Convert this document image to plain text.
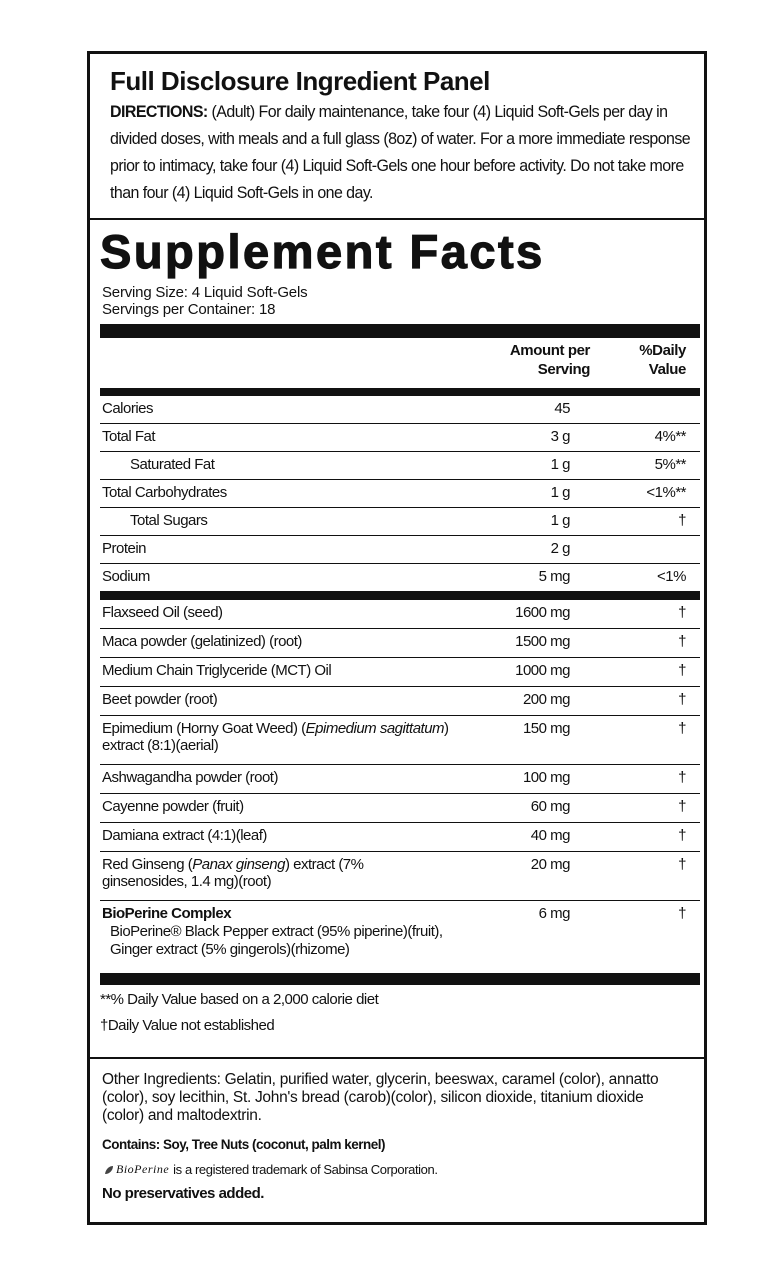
Full Disclosure Ingredient Panel

DIRECTIONS: (Adult) For daily maintenance, take four (4) Liquid Soft-Gels per day in divided doses, with meals and a full glass (8oz) of water. For a more immediate response prior to intimacy, take four (4) Liquid Soft-Gels one hour before activity. Do not take more than four (4) Liquid Soft-Gels in one day.

Supplement Facts

Serving Size: 4 Liquid Soft-Gels
Servings per Container: 18
Amount per
Serving
%Daily
Value
Calories	45
Total Fat	3 g	4%**
Saturated Fat	1 g	5%**
Total Carbohydrates	1 g	<1%**
Total Sugars	1 g	†
Protein	2 g
Sodium	5 mg	<1%
Flaxseed Oil (seed)	1600 mg	†
Maca powder (gelatinized) (root)	1500 mg	†
Medium Chain Triglyceride (MCT) Oil	1000 mg	†
Beet powder (root)	200 mg	†
Epimedium (Horny Goat Weed) (Epimedium sagittatum)
extract (8:1)(aerial)
150 mg	†
Ashwagandha powder (root)	100 mg	†
Cayenne powder (fruit)	60 mg	†
Damiana extract (4:1)(leaf)	40 mg	†
Red Ginseng (Panax ginseng) extract (7%
ginsenosides, 1.4 mg)(root)
20 mg	†
BioPerine Complex	6 mg	†
BioPerine® Black Pepper extract (95% piperine)(fruit),
Ginger extract (5% gingerols)(rhizome)
**% Daily Value based on a 2,000 calorie diet
†Daily Value not established
Other Ingredients: Gelatin, purified water, glycerin, beeswax, caramel (color), annatto (color), soy lecithin, St. John's bread (carob)(color), silicon dioxide, titanium dioxide (color) and maltodextrin.
Contains: Soy, Tree Nuts (coconut, palm kernel)
BioPerine is a registered trademark of Sabinsa Corporation.
No preservatives added.
